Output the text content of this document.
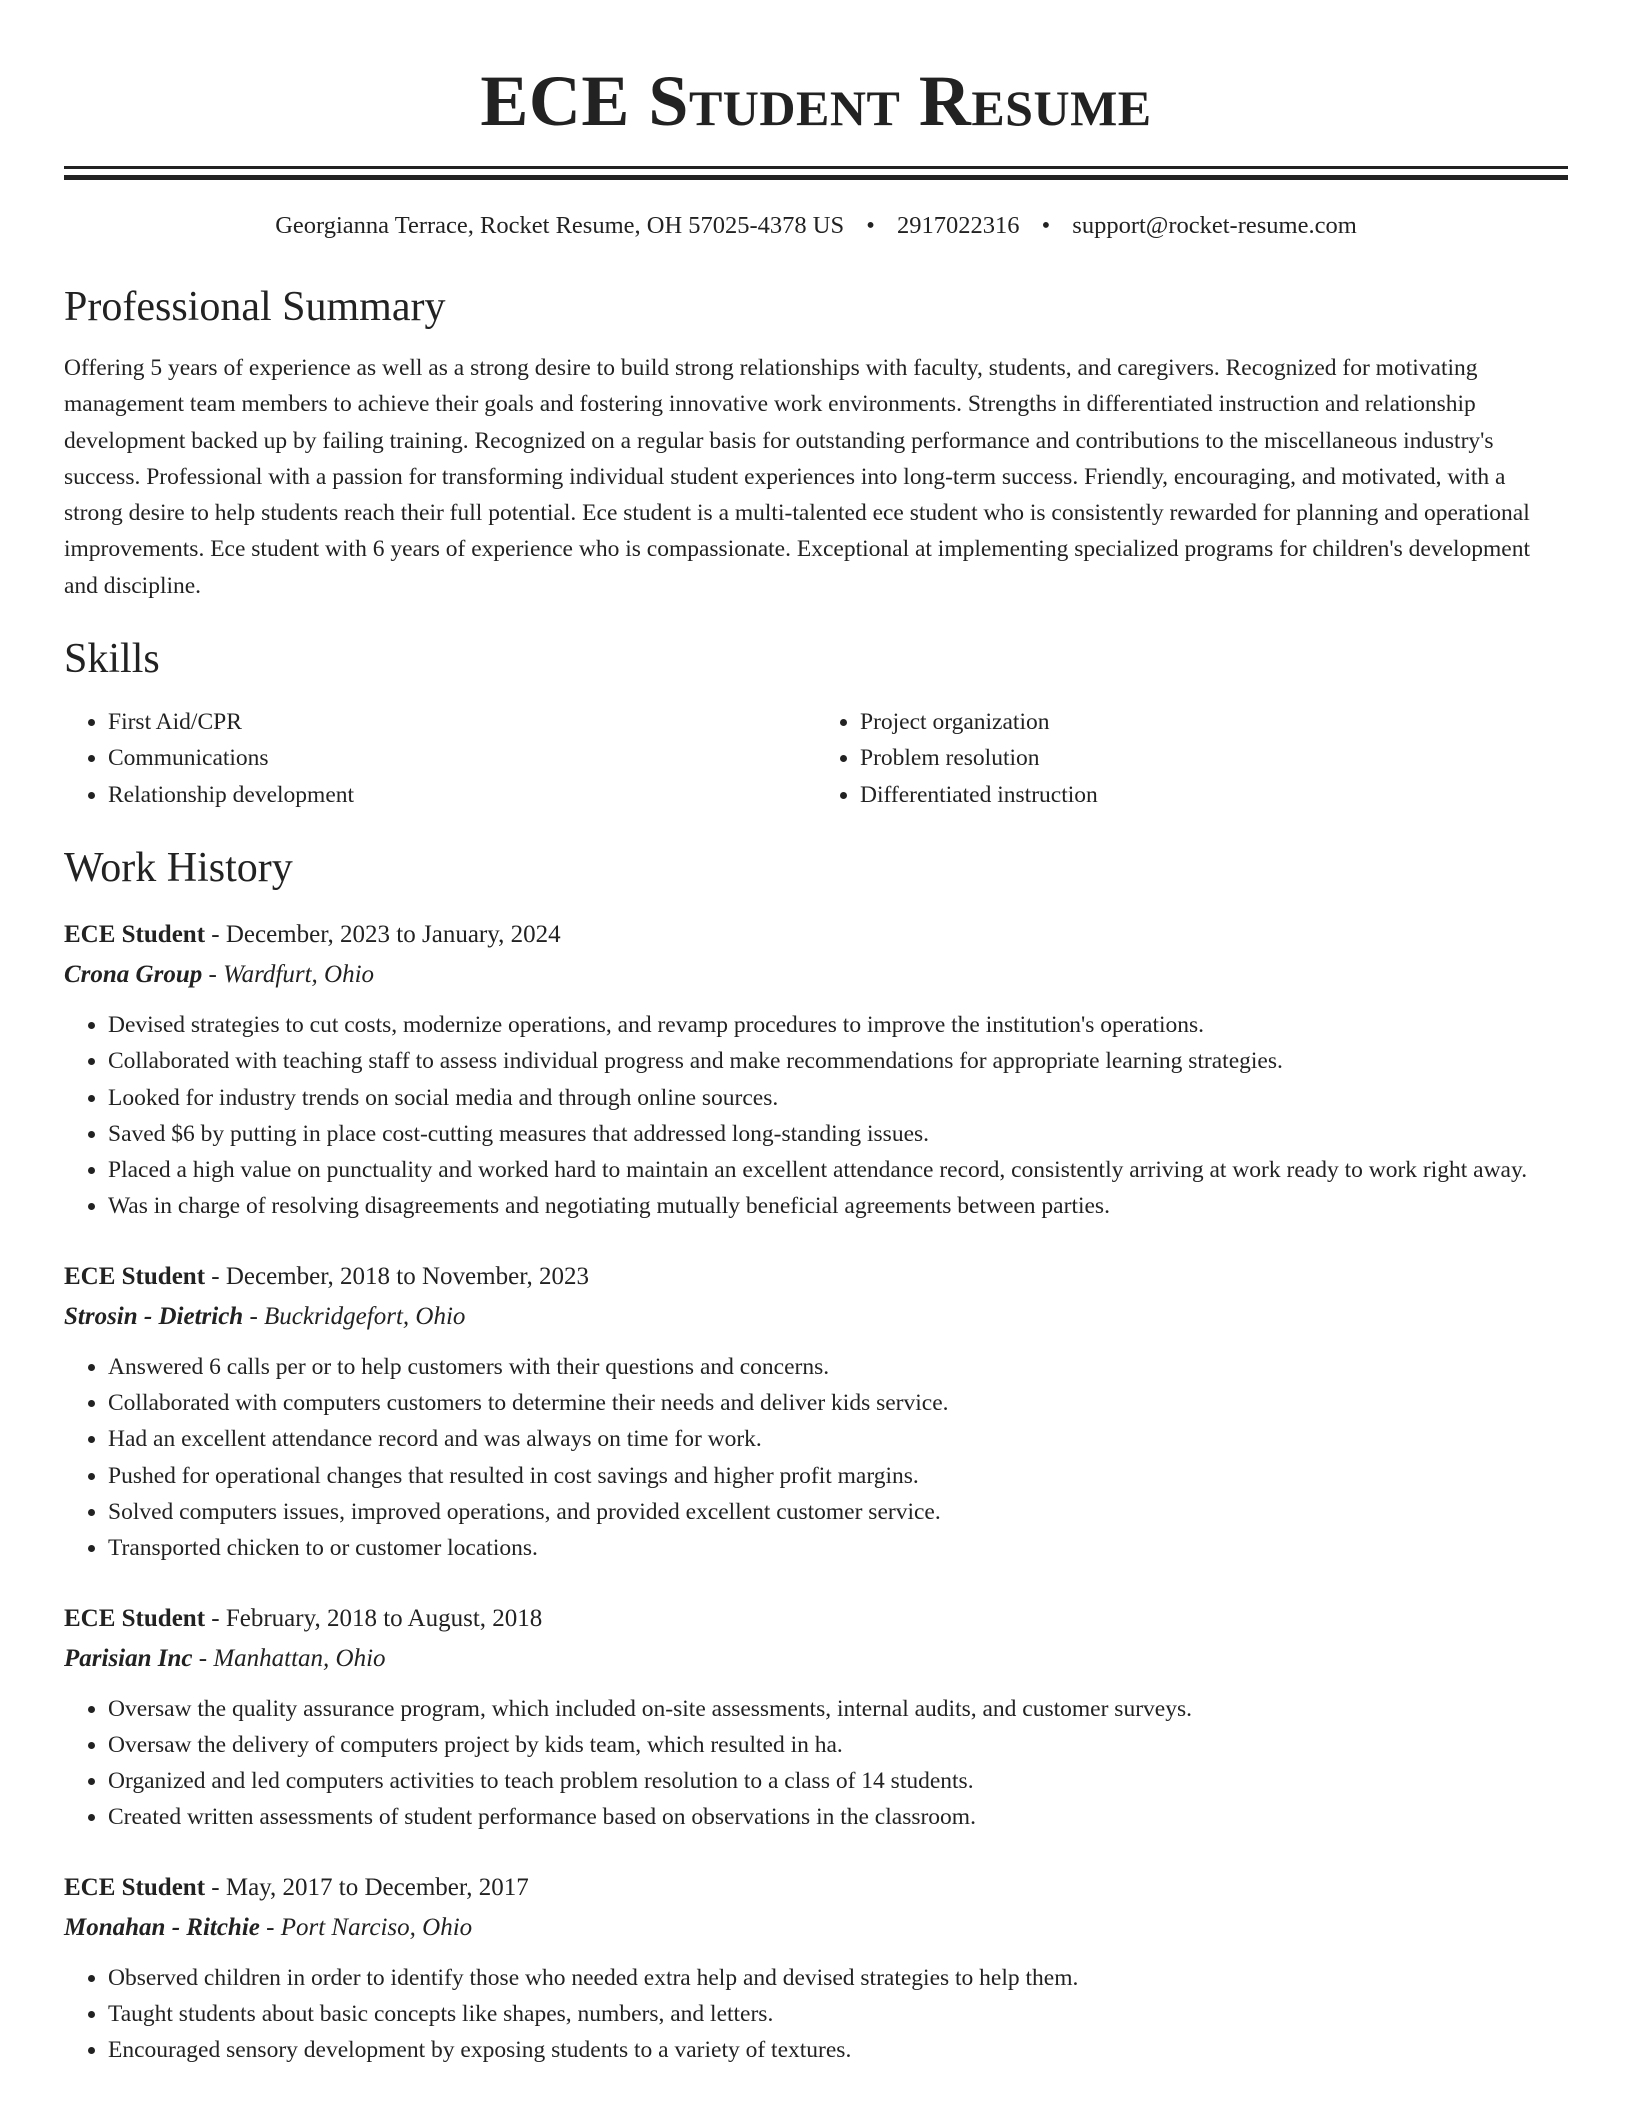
ECE Student Resume
Georgianna Terrace, Rocket Resume, OH 57025-4378 US • 2917022316 • support@rocket-resume.com
Professional Summary

Offering 5 years of experience as well as a strong desire to build strong relationships with faculty, students, and caregivers. Recognized for motivating management team members to achieve their goals and fostering innovative work environments. Strengths in differentiated instruction and relationship development backed up by failing training. Recognized on a regular basis for outstanding performance and contributions to the miscellaneous industry's success. Professional with a passion for transforming individual student experiences into long-term success. Friendly, encouraging, and motivated, with a strong desire to help students reach their full potential. Ece student is a multi-talented ece student who is consistently rewarded for planning and operational improvements. Ece student with 6 years of experience who is compassionate. Exceptional at implementing specialized programs for children's development and discipline.

Skills
• First Aid/CPR
• Communications
• Relationship development
• Project organization
• Problem resolution
• Differentiated instruction
Work History
ECE Student - December, 2023 to January, 2024
Crona Group - Wardfurt, Ohio
• Devised strategies to cut costs, modernize operations, and revamp procedures to improve the institution's operations.
• Collaborated with teaching staff to assess individual progress and make recommendations for appropriate learning strategies.
• Looked for industry trends on social media and through online sources.
• Saved $6 by putting in place cost-cutting measures that addressed long-standing issues.
• Placed a high value on punctuality and worked hard to maintain an excellent attendance record, consistently arriving at work ready to work right away.
• Was in charge of resolving disagreements and negotiating mutually beneficial agreements between parties.
ECE Student - December, 2018 to November, 2023
Strosin - Dietrich - Buckridgefort, Ohio
• Answered 6 calls per or to help customers with their questions and concerns.
• Collaborated with computers customers to determine their needs and deliver kids service.
• Had an excellent attendance record and was always on time for work.
• Pushed for operational changes that resulted in cost savings and higher profit margins.
• Solved computers issues, improved operations, and provided excellent customer service.
• Transported chicken to or customer locations.
ECE Student - February, 2018 to August, 2018
Parisian Inc - Manhattan, Ohio
• Oversaw the quality assurance program, which included on-site assessments, internal audits, and customer surveys.
• Oversaw the delivery of computers project by kids team, which resulted in ha.
• Organized and led computers activities to teach problem resolution to a class of 14 students.
• Created written assessments of student performance based on observations in the classroom.
ECE Student - May, 2017 to December, 2017
Monahan - Ritchie - Port Narciso, Ohio
• Observed children in order to identify those who needed extra help and devised strategies to help them.
• Taught students about basic concepts like shapes, numbers, and letters.
• Encouraged sensory development by exposing students to a variety of textures.
